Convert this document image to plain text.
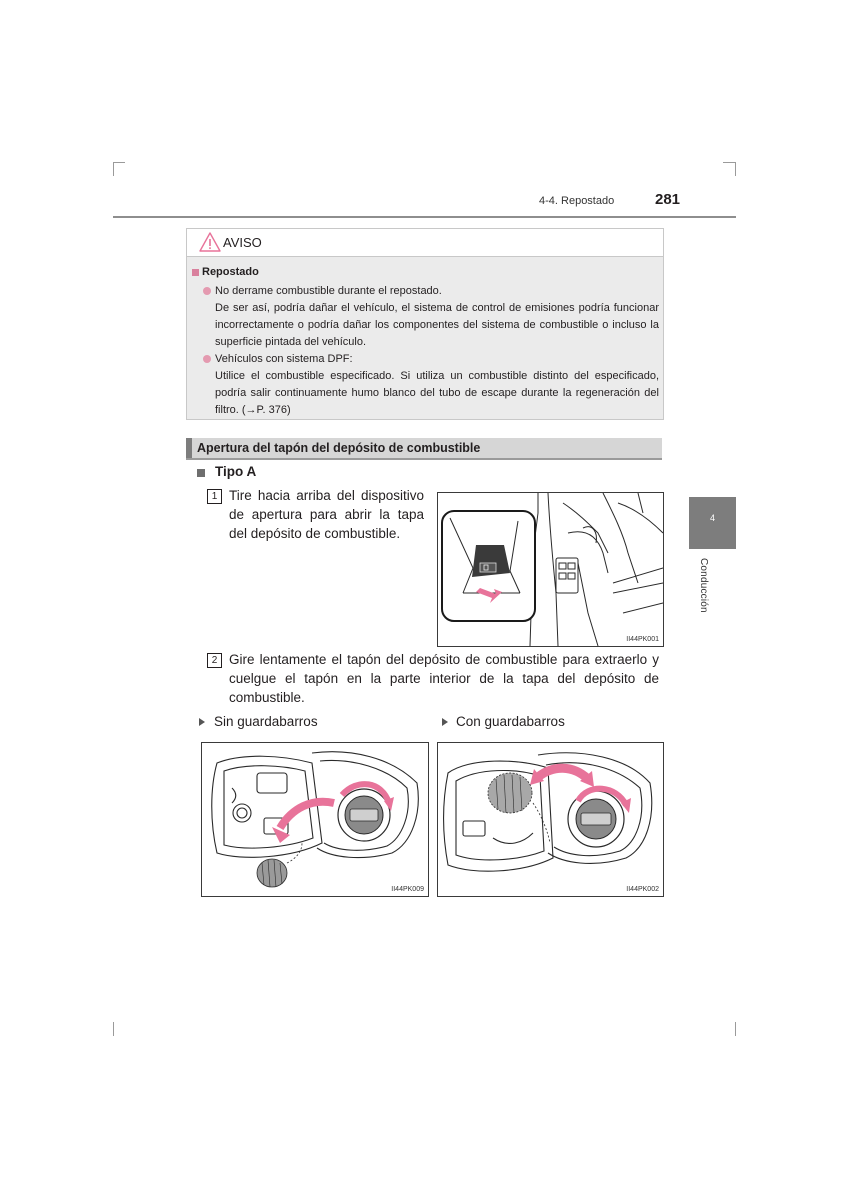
4-4. Repostado	281
4
Conducción
AVISO
Repostado
No derrame combustible durante el repostado.
De ser así, podría dañar el vehículo, el sistema de control de emisiones podría funcionar incorrectamente o podría dañar los componentes del sistema de combustible o incluso la superficie pintada del vehículo.
Vehículos con sistema DPF:
Utilice el combustible especificado. Si utiliza un combustible distinto del especificado, podría salir continuamente humo blanco del tubo de escape durante la regeneración del filtro. (→P. 376)
Apertura del tapón del depósito de combustible
Tipo A
1 Tire hacia arriba del dispositivo de apertura para abrir la tapa del depósito de combustible.
II44PK001
2 Gire lentamente el tapón del depósito de combustible para extraerlo y cuelgue el tapón en la parte interior de la tapa del depósito de combustible.
Sin guardabarros	Con guardabarros
II44PK009	II44PK002
